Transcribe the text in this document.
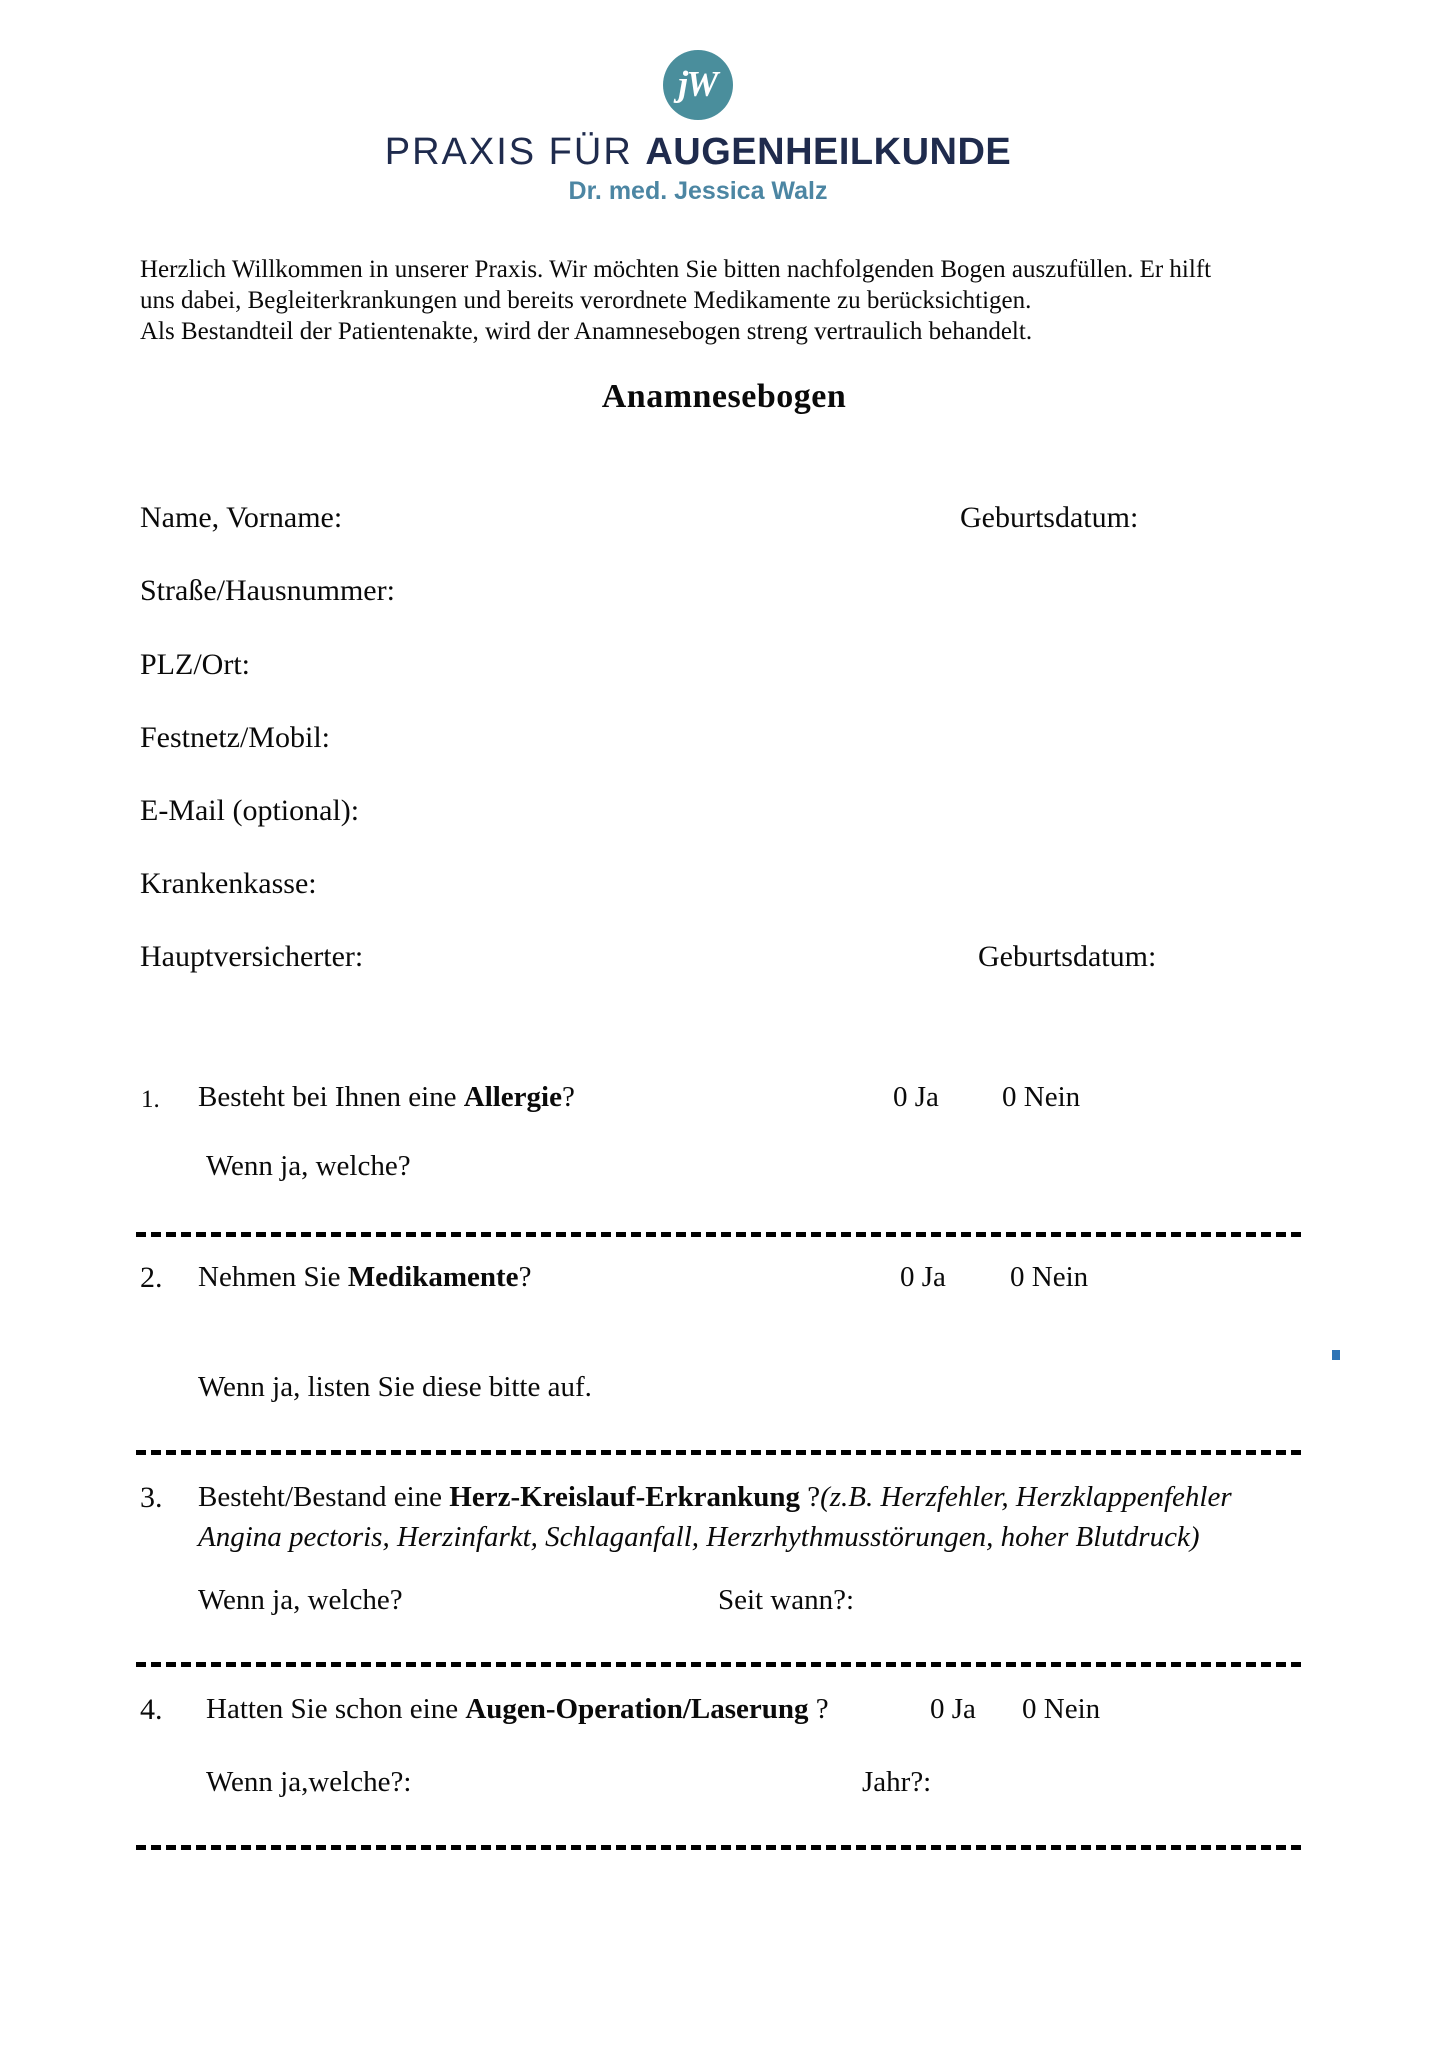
jW
PRAXIS FÜR AUGENHEILKUNDE
Dr. med. Jessica Walz
Herzlich Willkommen in unserer Praxis. Wir möchten Sie bitten nachfolgenden Bogen auszufüllen. Er hilft
uns dabei, Begleiterkrankungen und bereits verordnete Medikamente zu berücksichtigen.
Als Bestandteil der Patientenakte, wird der Anamnesebogen streng vertraulich behandelt.
Anamnesebogen
Name, Vorname:	Geburtsdatum:
Straße/Hausnummer:
PLZ/Ort:
Festnetz/Mobil:
E-Mail (optional):
Krankenkasse:
Hauptversicherter:	Geburtsdatum:
1. Besteht bei Ihnen eine Allergie?	0 Ja 0 Nein
Wenn ja, welche?
2. Nehmen Sie Medikamente?	0 Ja 0 Nein
Wenn ja, listen Sie diese bitte auf.
3. Besteht/Bestand eine Herz-Kreislauf-Erkrankung ?(z.B. Herzfehler, Herzklappenfehler
Angina pectoris, Herzinfarkt, Schlaganfall, Herzrhythmusstörungen, hoher Blutdruck)
Wenn ja, welche?	Seit wann?:
4. Hatten Sie schon eine Augen-Operation/Laserung ?	0 Ja 0 Nein
Wenn ja,welche?:	Jahr?:
